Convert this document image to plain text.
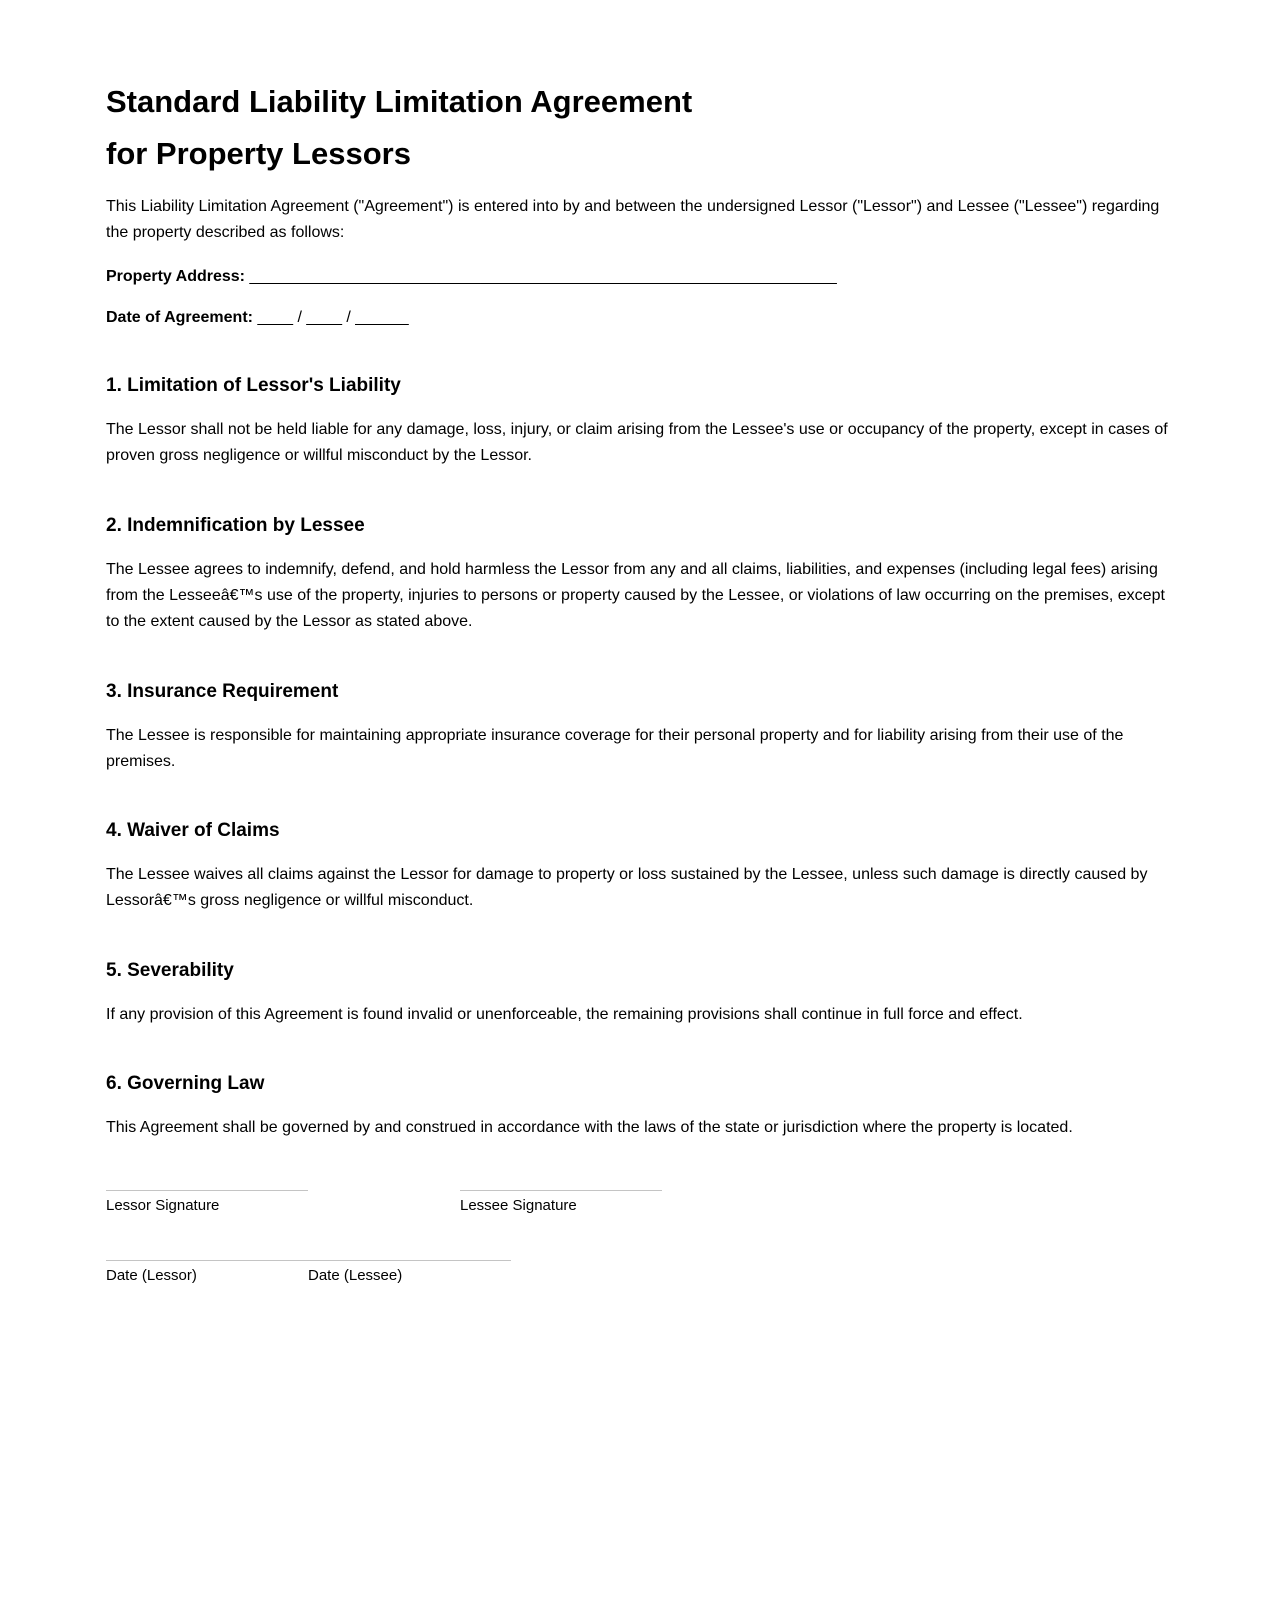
Standard Liability Limitation Agreement
for Property Lessors

This Liability Limitation Agreement ("Agreement") is entered into by and between the undersigned Lessor ("Lessor") and Lessee ("Lessee") regarding the property described as follows:

Property Address: __________________________________________________________________
Date of Agreement: ____ / ____ / ______
1. Limitation of Lessor's Liability

The Lessor shall not be held liable for any damage, loss, injury, or claim arising from the Lessee's use or occupancy of the property, except in cases of proven gross negligence or willful misconduct by the Lessor.

2. Indemnification by Lessee

The Lessee agrees to indemnify, defend, and hold harmless the Lessor from any and all claims, liabilities, and expenses (including legal fees) arising from the Lesseeâ€™s use of the property, injuries to persons or property caused by the Lessee, or violations of law occurring on the premises, except to the extent caused by the Lessor as stated above.

3. Insurance Requirement

The Lessee is responsible for maintaining appropriate insurance coverage for their personal property and for liability arising from their use of the premises.

4. Waiver of Claims

The Lessee waives all claims against the Lessor for damage to property or loss sustained by the Lessee, unless such damage is directly caused by Lessorâ€™s gross negligence or willful misconduct.

5. Severability

If any provision of this Agreement is found invalid or unenforceable, the remaining provisions shall continue in full force and effect.

6. Governing Law

This Agreement shall be governed by and construed in accordance with the laws of the state or jurisdiction where the property is located.

Lessor Signature	Lessee Signature
Date (Lessor)	Date (Lessee)
